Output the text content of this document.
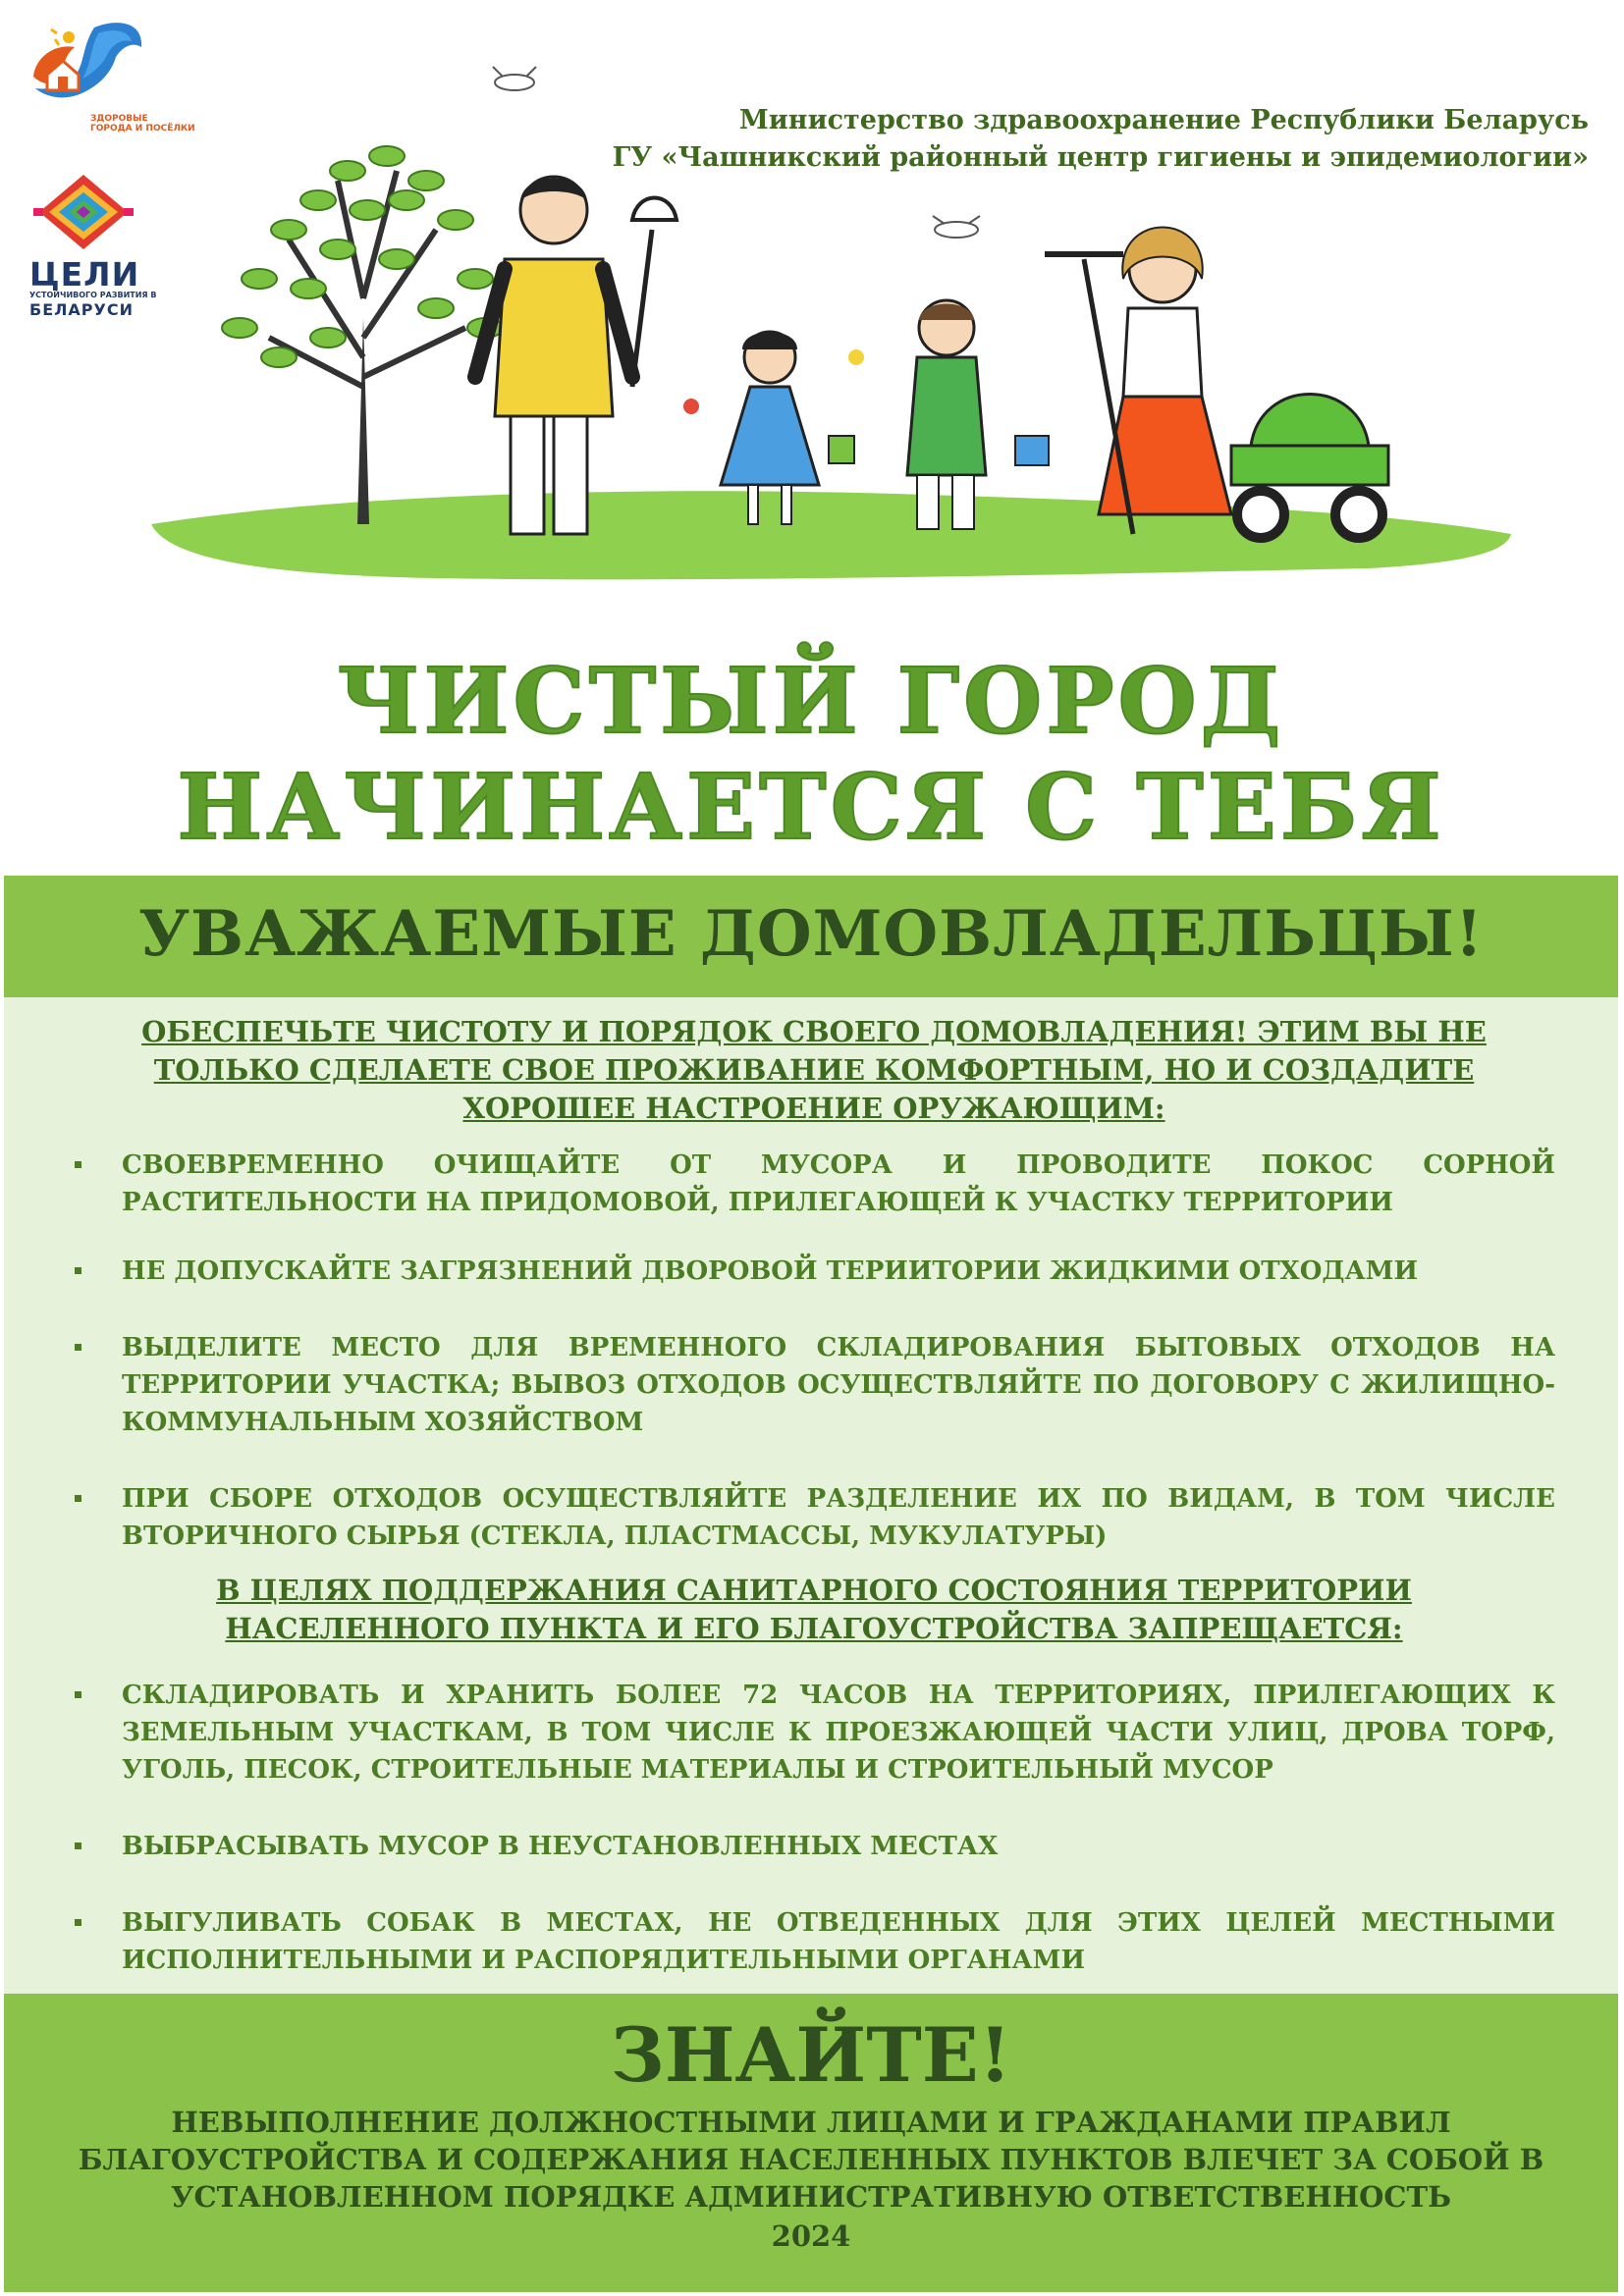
ЗДОРОВЫЕ
ГОРОДА И ПОСЁЛКИ
ЦЕЛИ
УСТОЙЧИВОГО РАЗВИТИЯ В
БЕЛАРУСИ
Министерство здравоохранение Республики Беларусь
ГУ «Чашникский районный центр гигиены и эпидемиологии»
ЧИСТЫЙ ГОРОД
НАЧИНАЕТСЯ С ТЕБЯ
УВАЖАЕМЫЕ ДОМОВЛАДЕЛЬЦЫ!
ОБЕСПЕЧЬТЕ ЧИСТОТУ И ПОРЯДОК СВОЕГО ДОМОВЛАДЕНИЯ! ЭТИМ ВЫ НЕ ТОЛЬКО СДЕЛАЕТЕ СВОЕ ПРОЖИВАНИЕ КОМФОРТНЫМ, НО И СОЗДАДИТЕ ХОРОШЕЕ НАСТРОЕНИЕ ОРУЖАЮЩИМ:
СВОЕВРЕМЕННО ОЧИЩАЙТЕ ОТ МУСОРА И ПРОВОДИТЕ ПОКОС СОРНОЙ РАСТИТЕЛЬНОСТИ НА ПРИДОМОВОЙ, ПРИЛЕГАЮЩЕЙ К УЧАСТКУ ТЕРРИТОРИИ
НЕ ДОПУСКАЙТЕ ЗАГРЯЗНЕНИЙ ДВОРОВОЙ ТЕРИИТОРИИ ЖИДКИМИ ОТХОДАМИ
ВЫДЕЛИТЕ МЕСТО ДЛЯ ВРЕМЕННОГО СКЛАДИРОВАНИЯ БЫТОВЫХ ОТХОДОВ НА ТЕРРИТОРИИ УЧАСТКА; ВЫВОЗ ОТХОДОВ ОСУЩЕСТВЛЯЙТЕ ПО ДОГОВОРУ С ЖИЛИЩНО-КОММУНАЛЬНЫМ ХОЗЯЙСТВОМ
ПРИ СБОРЕ ОТХОДОВ ОСУЩЕСТВЛЯЙТЕ РАЗДЕЛЕНИЕ ИХ ПО ВИДАМ, В ТОМ ЧИСЛЕ ВТОРИЧНОГО СЫРЬЯ (СТЕКЛА, ПЛАСТМАССЫ, МУКУЛАТУРЫ)
В ЦЕЛЯХ ПОДДЕРЖАНИЯ САНИТАРНОГО СОСТОЯНИЯ ТЕРРИТОРИИ НАСЕЛЕННОГО ПУНКТА И ЕГО БЛАГОУСТРОЙСТВА ЗАПРЕЩАЕТСЯ:
СКЛАДИРОВАТЬ И ХРАНИТЬ БОЛЕЕ 72 ЧАСОВ НА ТЕРРИТОРИЯХ, ПРИЛЕГАЮЩИХ К ЗЕМЕЛЬНЫМ УЧАСТКАМ, В ТОМ ЧИСЛЕ К ПРОЕЗЖАЮЩЕЙ ЧАСТИ УЛИЦ, ДРОВА ТОРФ, УГОЛЬ, ПЕСОК, СТРОИТЕЛЬНЫЕ МАТЕРИАЛЫ И СТРОИТЕЛЬНЫЙ МУСОР
ВЫБРАСЫВАТЬ МУСОР В НЕУСТАНОВЛЕННЫХ МЕСТАХ
ВЫГУЛИВАТЬ СОБАК В МЕСТАХ, НЕ ОТВЕДЕННЫХ ДЛЯ ЭТИХ ЦЕЛЕЙ МЕСТНЫМИ ИСПОЛНИТЕЛЬНЫМИ И РАСПОРЯДИТЕЛЬНЫМИ ОРГАНАМИ
ЗНАЙТЕ!
НЕВЫПОЛНЕНИЕ ДОЛЖНОСТНЫМИ ЛИЦАМИ И ГРАЖДАНАМИ ПРАВИЛ БЛАГОУСТРОЙСТВА И СОДЕРЖАНИЯ НАСЕЛЕННЫХ ПУНКТОВ ВЛЕЧЕТ ЗА СОБОЙ В УСТАНОВЛЕННОМ ПОРЯДКЕ АДМИНИСТРАТИВНУЮ ОТВЕТСТВЕННОСТЬ
2024
